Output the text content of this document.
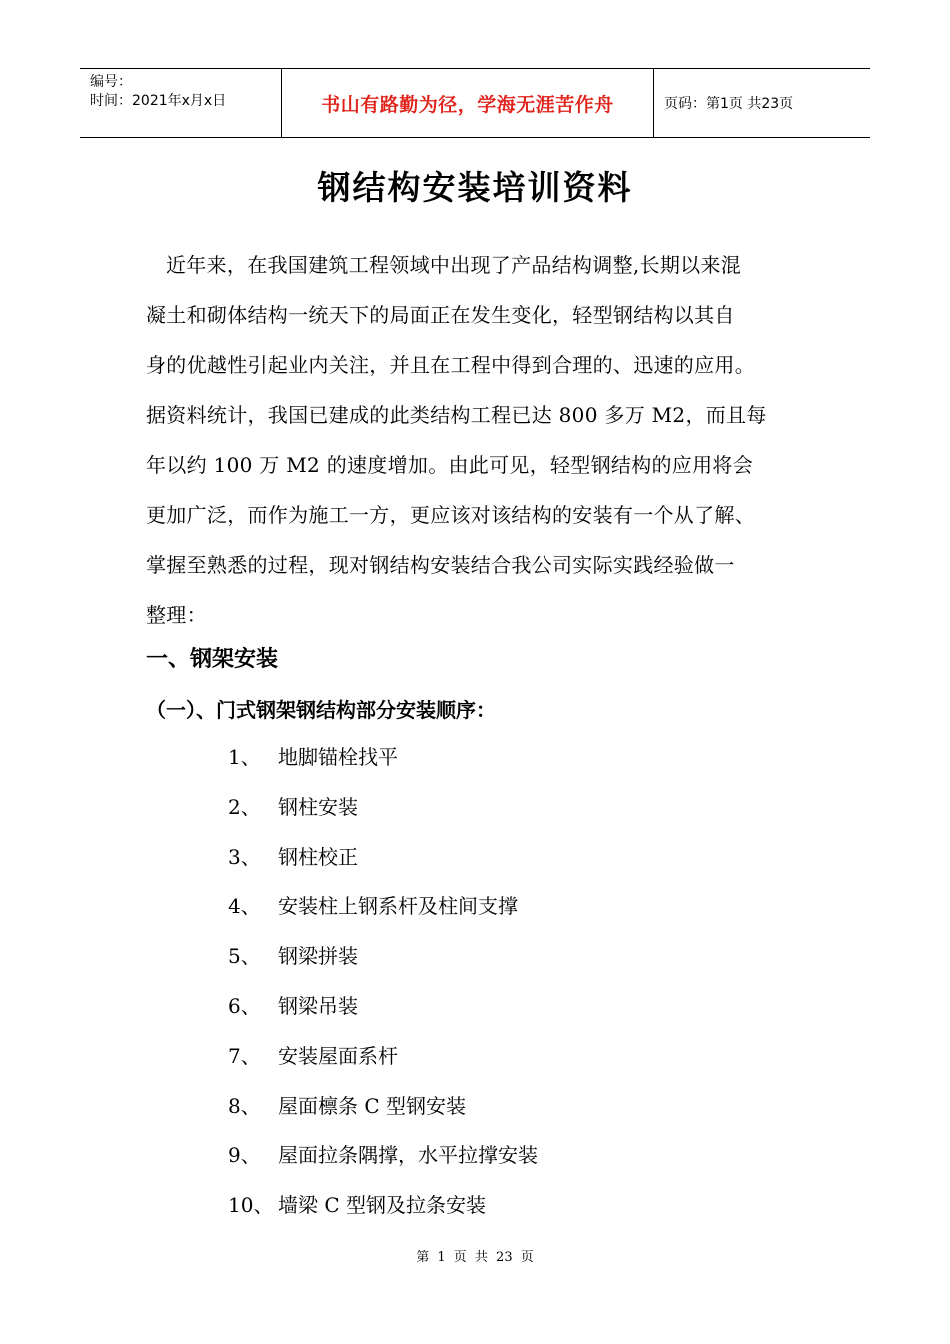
编号：
时间：2021年x月x日	书山有路勤为径，学海无涯苦作舟	页码：第1页 共23页
钢结构安装培训资料
近年来，在我国建筑工程领域中出现了产品结构调整,长期以来混
凝土和砌体结构一统天下的局面正在发生变化，轻型钢结构以其自
身的优越性引起业内关注，并且在工程中得到合理的、迅速的应用。
据资料统计，我国已建成的此类结构工程已达 800 多万 M2，而且每
年以约 100 万 M2 的速度增加。由此可见，轻型钢结构的应用将会
更加广泛，而作为施工一方，更应该对该结构的安装有一个从了解、
掌握至熟悉的过程，现对钢结构安装结合我公司实际实践经验做一
整理：
一、钢架安装
（一）、门式钢架钢结构部分安装顺序：
1、 地脚锚栓找平
2、 钢柱安装
3、 钢柱校正
4、 安装柱上钢系杆及柱间支撑
5、 钢梁拼装
6、 钢梁吊装
7、 安装屋面系杆
8、 屋面檩条 C 型钢安装
9、 屋面拉条隅撑，水平拉撑安装
10、 墙梁 C 型钢及拉条安装
第 1 页 共 23 页
